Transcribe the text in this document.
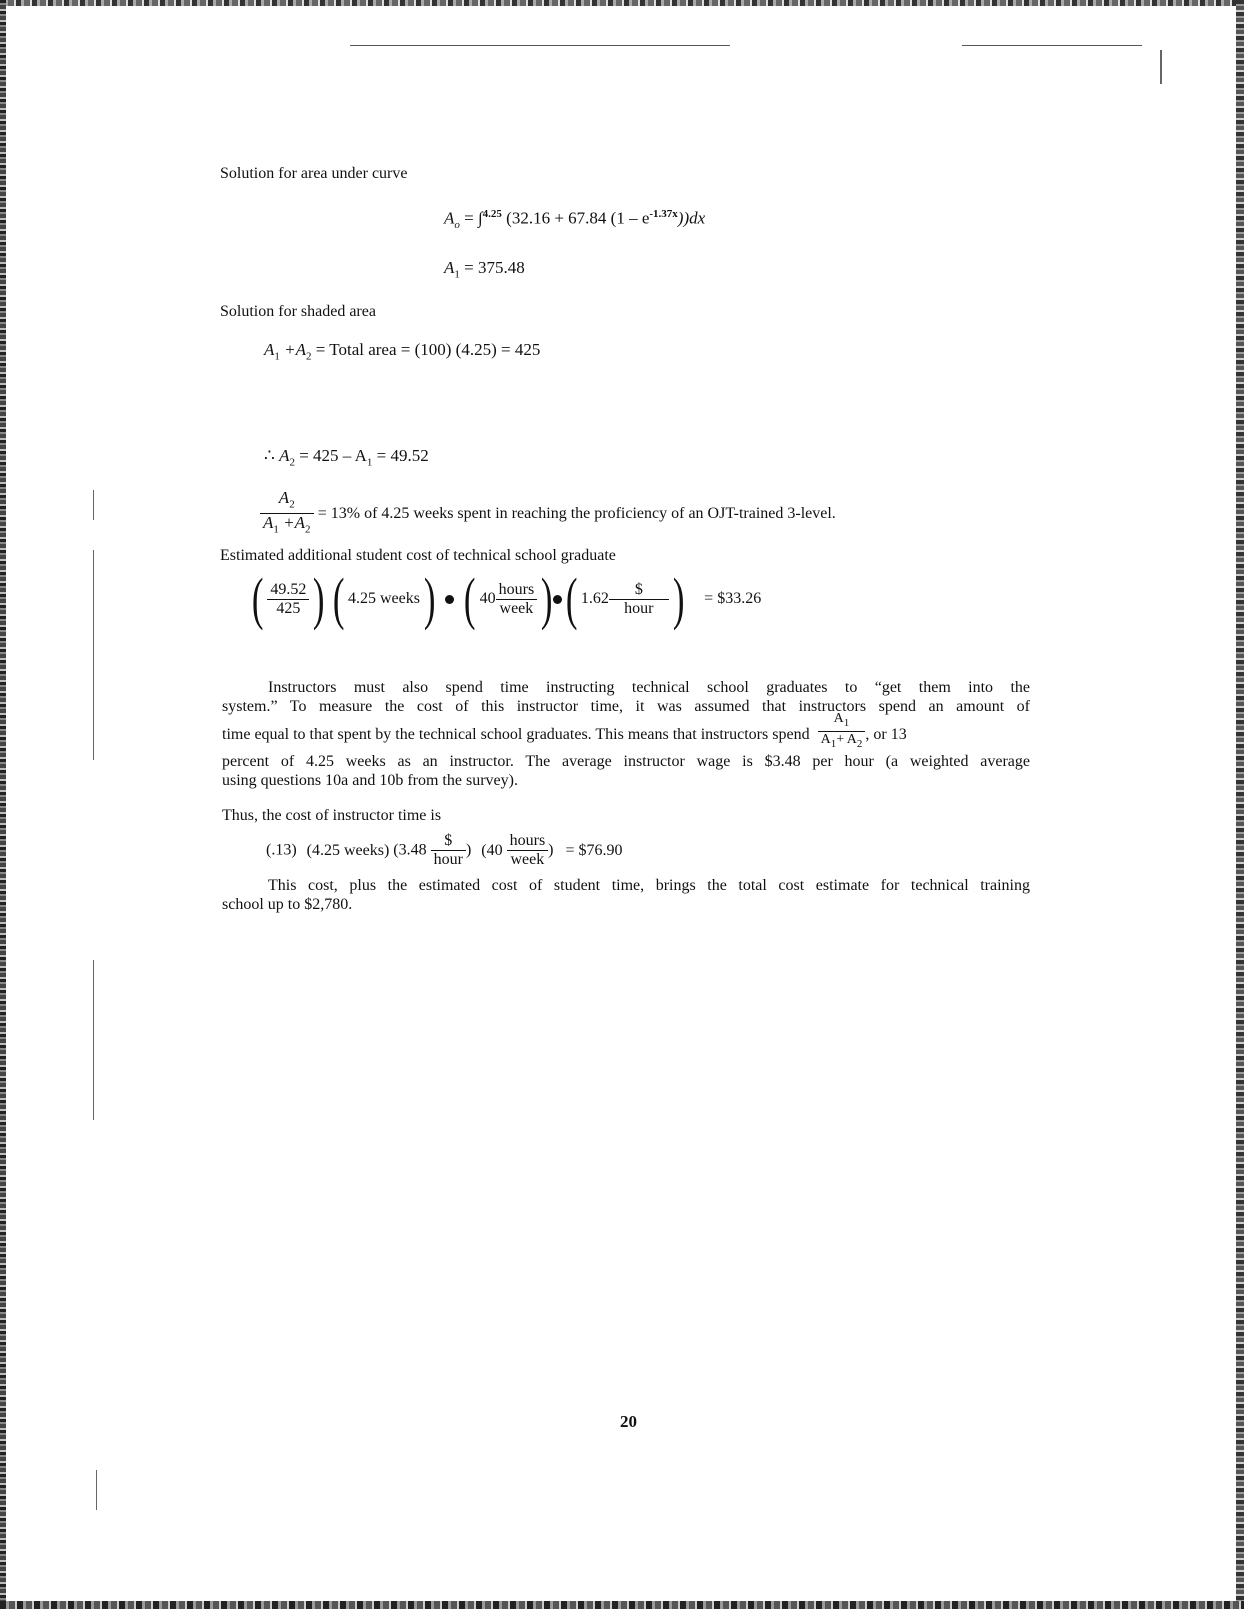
Solution for area under curve
$A_o = \int^{4.25}$ (32.16 + 67.84 $(1 - e^{-1.37x}))dx$
$A_1 = 375.48$
Solution for shaded area
$A_1 +A_2$ = Total area = (100) (4.25) = 425
∴ $A_2 = 425 - A_1 = 49.52$
$\frac{A_2}{A_1 +A_2} = 13\%$ of 4.25 weeks spent in reaching the proficiency of an OJT-trained 3-level.
Estimated additional student cost of technical school graduate
( $\frac{49.52}{425}$ ) ( 4.25 weeks) ( $40 \frac{\text{hours}}{\text{week}}$ ) ( $1.62 \frac{\$}{\text{hour}}$ ) = $33.26

Instructors must also spend time instructing technical school graduates to “get them into the

system.” To measure the cost of this instructor time, it was assumed that instructors spend an amount of

time equal to that spent by the technical school graduates. This means that instructors spend $\frac{A_1}{A_1+ A_2}$ , or 13

percent of 4.25 weeks as an instructor. The average instructor wage is $3.48 per hour (a weighted average

using questions 10a and 10b from the survey).

Thus, the cost of instructor time is
(.13) (4.25 weeks) ($3.48 \frac{\$}{\text{hour}}$ ) ($40 \frac{\text{hours}}{\text{week}}$ ) = $76.90

This cost, plus the estimated cost of student time, brings the total cost estimate for technical training

school up to $2,780.

20
